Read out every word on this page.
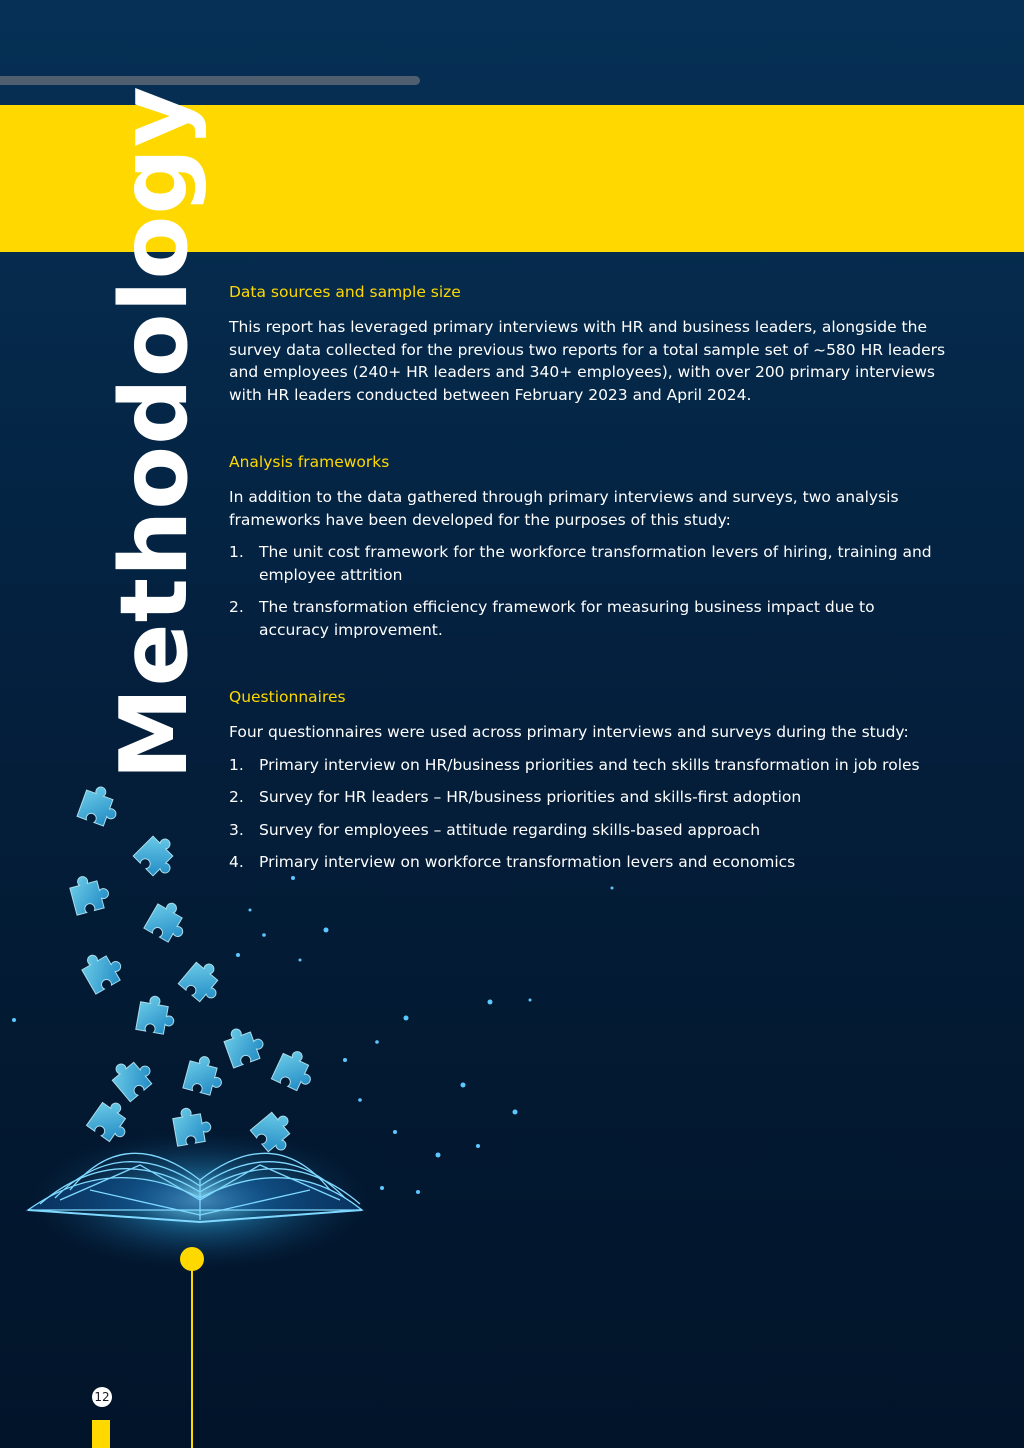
Methodology Data sources and sample size

This report has leveraged primary interviews with HR and business leaders, alongside the survey data collected for the previous two reports for a total sample set of ~580 HR leaders and employees (240+ HR leaders and 340+ employees), with over 200 primary interviews with HR leaders conducted between February 2023 and April 2024.

Analysis frameworks

In addition to the data gathered through primary interviews and surveys, two analysis frameworks have been developed for the purposes of this study:

1. The unit cost framework for the workforce transformation levers of hiring, training and employee attrition
2. The transformation efficiency framework for measuring business impact due to accuracy improvement.
Questionnaires

Four questionnaires were used across primary interviews and surveys during the study:

1. Primary interview on HR/business priorities and tech skills transformation in job roles
2. Survey for HR leaders – HR/business priorities and skills-first adoption
3. Survey for employees – attitude regarding skills-based approach
4. Primary interview on workforce transformation levers and economics
12
